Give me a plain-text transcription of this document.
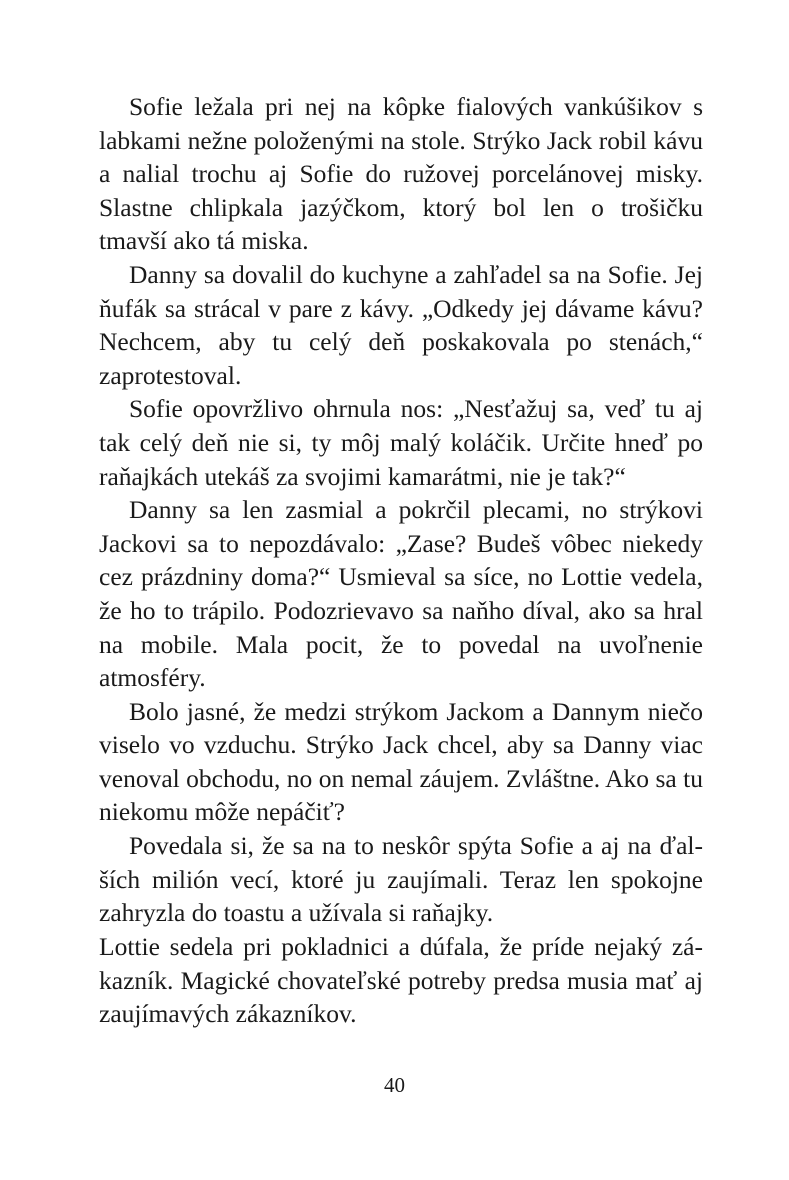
Sofie ležala pri nej na kôpke fialových vankúšikov s labkami nežne položenými na stole. Strýko Jack robil kávu a nalial trochu aj Sofie do ružovej porcelánovej misky. Slastne chlipkala jazýčkom, ktorý bol len o trošičku tmavší ako tá miska.

Danny sa dovalil do kuchyne a zahľadel sa na Sofie. Jej ňufák sa strácal v pare z kávy. „Odkedy jej dávame kávu? Nechcem, aby tu celý deň poskakovala po stenách,“ zaprotestoval.

Sofie opovržlivo ohrnula nos: „Nesťažuj sa, veď tu aj tak celý deň nie si, ty môj malý koláčik. Určite hneď po raňajkách utekáš za svojimi kamarátmi, nie je tak?“

Danny sa len zasmial a pokrčil plecami, no strýkovi Jackovi sa to nepozdávalo: „Zase? Budeš vôbec niekedy cez prázdniny doma?“ Usmieval sa síce, no Lottie vedela, že ho to trápilo. Podozrievavo sa naňho díval, ako sa hral na mobile. Mala pocit, že to povedal na uvoľnenie atmosféry.

Bolo jasné, že medzi strýkom Jackom a Dannym niečo viselo vo vzduchu. Strýko Jack chcel, aby sa Danny viac venoval obchodu, no on nemal záujem. Zvláštne. Ako sa tu niekomu môže nepáčiť?

Povedala si, že sa na to neskôr spýta Sofie a aj na ďalších milión vecí, ktoré ju zaujímali. Teraz len spokojne zahryzla do toastu a užívala si raňajky.

Lottie sedela pri pokladnici a dúfala, že príde nejaký zákazník. Magické chovateľské potreby predsa musia mať aj zaujímavých zákazníkov.

40
